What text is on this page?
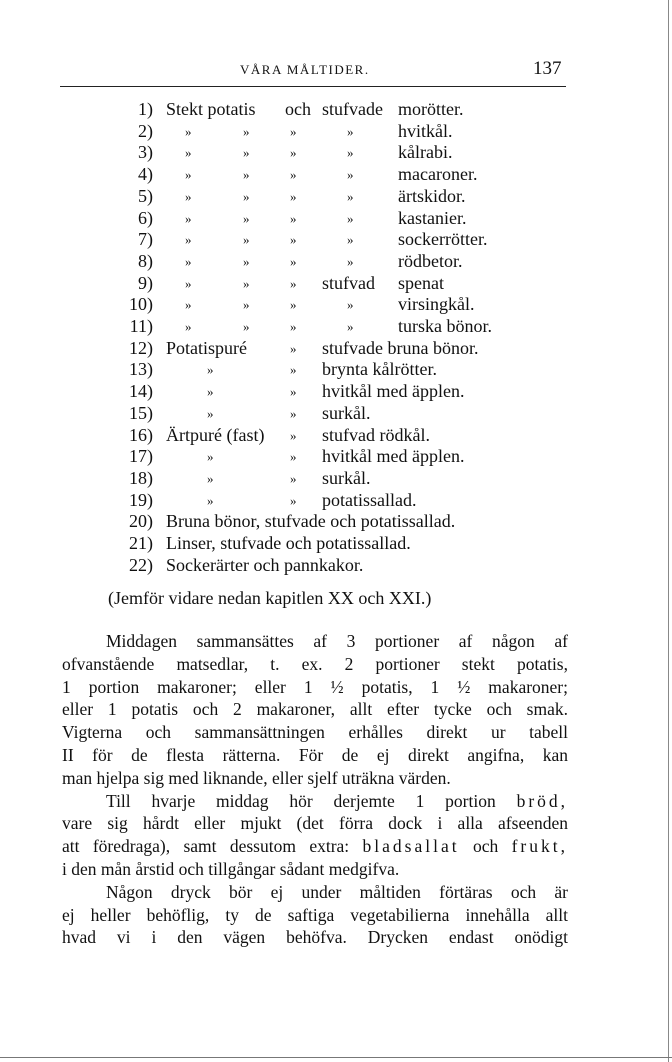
VÅRA MÅLTIDER.	137
1) Stekt potatis och stufvade morötter.
2) »	»	»	» hvitkål.
3) »	»	»	» kålrabi.
4) »	»	»	» macaroner.
5) »	»	»	» ärtskidor.
6) »	»	»	» kastanier.
7) »	»	»	» sockerrötter.
8) »	»	»	» rödbetor.
9) »	»	» stufvad spenat
10) »	»	»	» virsingkål.
11) »	»	»	» turska bönor.
12) Potatispuré	» stufvade bruna bönor.
13)	»	» brynta kålrötter.
14)	»	» hvitkål med äpplen.
15)	»	» surkål.
16) Ärtpuré (fast) » stufvad rödkål.
17)	»	» hvitkål med äpplen.
18)	»	» surkål.
19)	»	» potatissallad.
20) Bruna bönor, stufvade och potatissallad.
21) Linser, stufvade och potatissallad.
22) Sockerärter och pannkakor.
(Jemför vidare nedan kapitlen XX och XXI.)
Middagen sammansättes af 3 portioner af någon af
ofvanstående matsedlar, t. ex. 2 portioner stekt potatis,
1 portion makaroner; eller 1 ½ potatis, 1 ½ makaroner;
eller 1 potatis och 2 makaroner, allt efter tycke och smak.
Vigterna och sammansättningen erhålles direkt ur tabell
II för de flesta rätterna. För de ej direkt angifna, kan
man hjelpa sig med liknande, eller sjelf uträkna värden.
Till hvarje middag hör derjemte 1 portion bröd,
vare sig hårdt eller mjukt (det förra dock i alla afseenden
att föredraga), samt dessutom extra: bladsallat och frukt,
i den mån årstid och tillgångar sådant medgifva.
Någon dryck bör ej under måltiden förtäras och är
ej heller behöflig, ty de saftiga vegetabilierna innehålla allt
hvad vi i den vägen behöfva. Drycken endast onödigt
